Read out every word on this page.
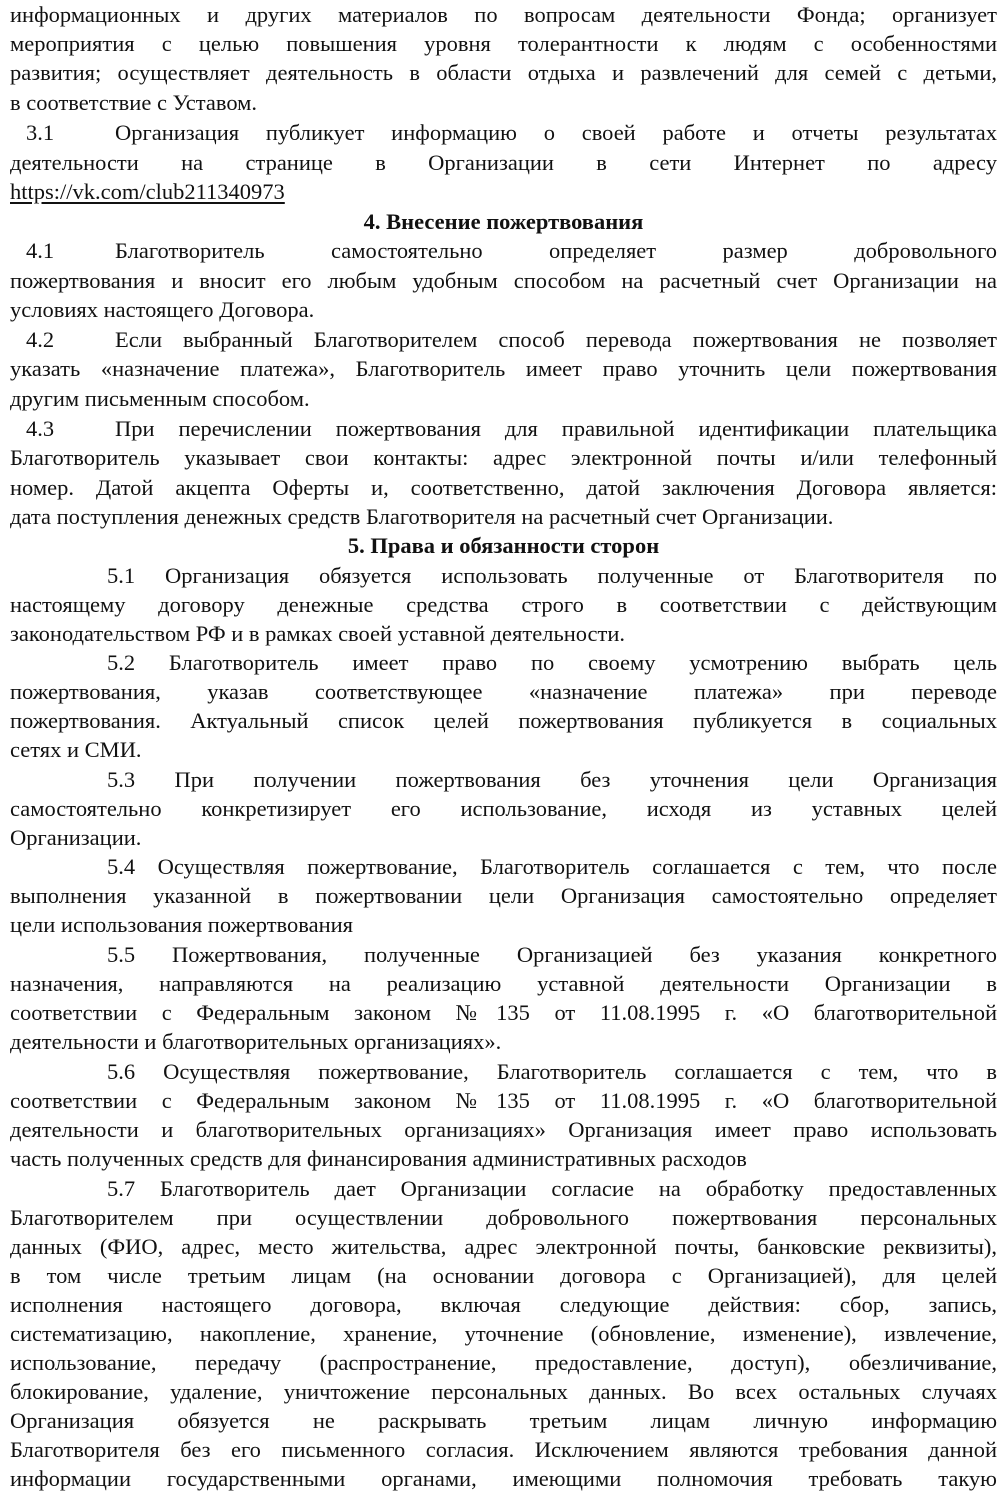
информационных и других материалов по вопросам деятельности Фонда; организует
мероприятия с целью повышения уровня толерантности к людям с особенностями
развития; осуществляет деятельность в области отдыха и развлечений для семей с детьми,
в соответствие с Уставом.
3.1	Организация публикует информацию о своей работе и отчеты результатах
деятельности на странице в Организации в сети Интернет по адресу
https://vk.com/club211340973
4. Внесение пожертвования
4.1	Благотворитель самостоятельно определяет размер добровольного
пожертвования и вносит его любым удобным способом на расчетный счет Организации на
условиях настоящего Договора.
4.2	Если выбранный Благотворителем способ перевода пожертвования не позволяет
указать «назначение платежа», Благотворитель имеет право уточнить цели пожертвования
другим письменным способом.
4.3	При перечислении пожертвования для правильной идентификации плательщика
Благотворитель указывает свои контакты: адрес электронной почты и/или телефонный
номер. Датой акцепта Оферты и, соответственно, датой заключения Договора является:
дата поступления денежных средств Благотворителя на расчетный счет Организации.
5. Права и обязанности сторон
5.1 Организация обязуется использовать полученные от Благотворителя по
настоящему договору денежные средства строго в соответствии с действующим
законодательством РФ и в рамках своей уставной деятельности.
5.2 Благотворитель имеет право по своему усмотрению выбрать цель
пожертвования, указав соответствующее «назначение платежа» при переводе
пожертвования. Актуальный список целей пожертвования публикуется в социальных
сетях и СМИ.
5.3 При получении пожертвования без уточнения цели Организация
самостоятельно конкретизирует его использование, исходя из уставных целей
Организации.
5.4 Осуществляя пожертвование, Благотворитель соглашается с тем, что после
выполнения указанной в пожертвовании цели Организация самостоятельно определяет
цели использования пожертвования
5.5 Пожертвования, полученные Организацией без указания конкретного
назначения, направляются на реализацию уставной деятельности Организации в
соответствии с Федеральным законом №135 от 11.08.1995 г. «О благотворительной
деятельности и благотворительных организациях».
5.6 Осуществляя пожертвование, Благотворитель соглашается с тем, что в
соответствии с Федеральным законом №135 от 11.08.1995 г. «О благотворительной
деятельности и благотворительных организациях» Организация имеет право использовать
часть полученных средств для финансирования административных расходов
5.7 Благотворитель дает Организации согласие на обработку предоставленных
Благотворителем при осуществлении добровольного пожертвования персональных
данных (ФИО, адрес, место жительства, адрес электронной почты, банковские реквизиты),
в том числе третьим лицам (на основании договора с Организацией), для целей
исполнения настоящего договора, включая следующие действия: сбор, запись,
систематизацию, накопление, хранение, уточнение (обновление, изменение), извлечение,
использование, передачу (распространение, предоставление, доступ), обезличивание,
блокирование, удаление, уничтожение персональных данных. Во всех остальных случаях
Организация обязуется не раскрывать третьим лицам личную информацию
Благотворителя без его письменного согласия. Исключением являются требования данной
информации государственными органами, имеющими полномочия требовать такую
